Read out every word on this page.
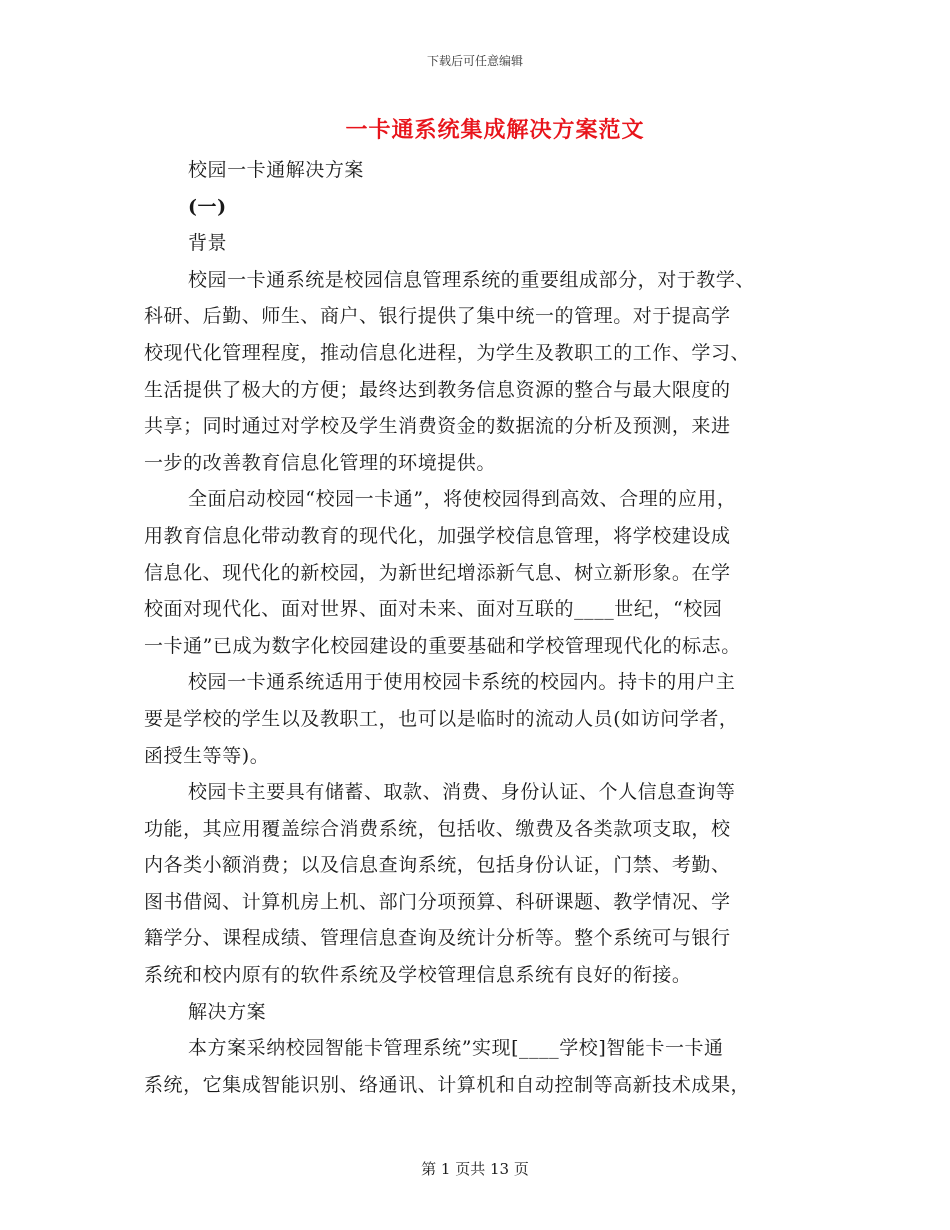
下载后可任意编辑
一卡通系统集成解决方案范文
校园一卡通解决方案
(一)
背景
校园一卡通系统是校园信息管理系统的重要组成部分，对于教学、
科研、后勤、师生、商户、银行提供了集中统一的管理。对于提高学
校现代化管理程度，推动信息化进程，为学生及教职工的工作、学习、
生活提供了极大的方便；最终达到教务信息资源的整合与最大限度的
共享；同时通过对学校及学生消费资金的数据流的分析及预测，来进
一步的改善教育信息化管理的环境提供。
全面启动校园“校园一卡通”，将使校园得到高效、合理的应用，
用教育信息化带动教育的现代化，加强学校信息管理，将学校建设成
信息化、现代化的新校园，为新世纪增添新气息、树立新形象。在学
校面对现代化、面对世界、面对未来、面对互联的____世纪，“校园
一卡通”已成为数字化校园建设的重要基础和学校管理现代化的标志。
校园一卡通系统适用于使用校园卡系统的校园内。持卡的用户主
要是学校的学生以及教职工，也可以是临时的流动人员(如访问学者，
函授生等等)。
校园卡主要具有储蓄、取款、消费、身份认证、个人信息查询等
功能，其应用覆盖综合消费系统，包括收、缴费及各类款项支取，校
内各类小额消费；以及信息查询系统，包括身份认证，门禁、考勤、
图书借阅、计算机房上机、部门分项预算、科研课题、教学情况、学
籍学分、课程成绩、管理信息查询及统计分析等。整个系统可与银行
系统和校内原有的软件系统及学校管理信息系统有良好的衔接。
解决方案
本方案采纳校园智能卡管理系统”实现[____学校]智能卡一卡通
系统，它集成智能识别、络通讯、计算机和自动控制等高新技术成果，
第 1 页共 13 页
